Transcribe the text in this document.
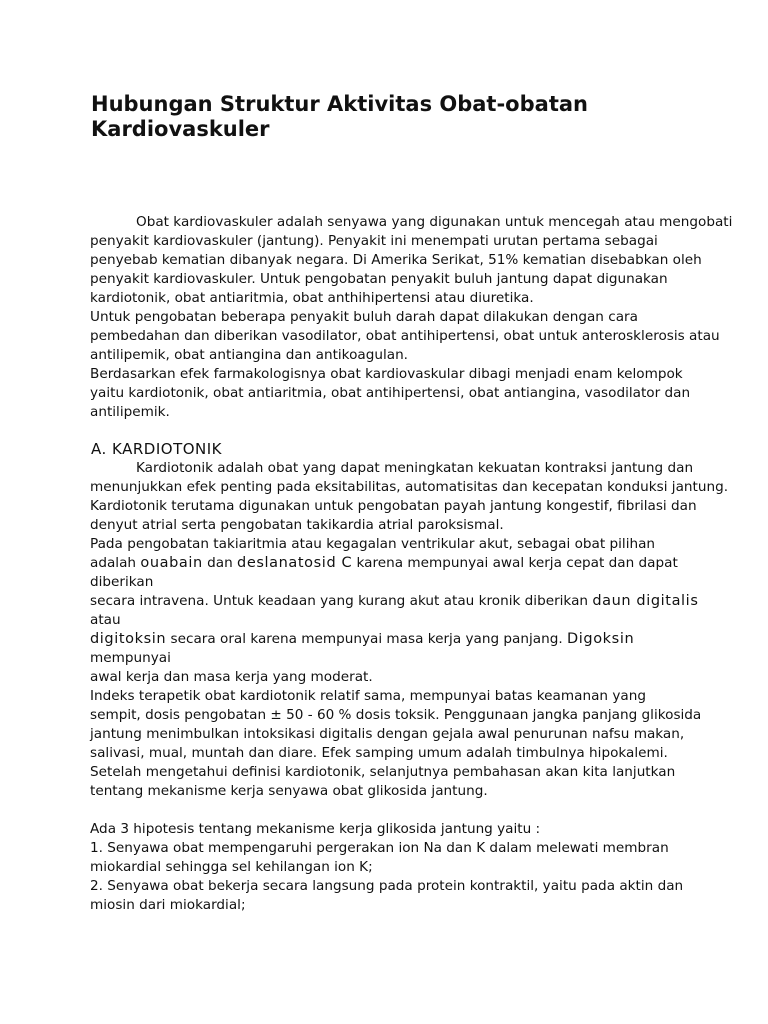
Hubungan Struktur Aktivitas Obat-obatan
Kardiovaskuler
Obat kardiovaskuler adalah senyawa yang digunakan untuk mencegah atau mengobati
penyakit kardiovaskuler (jantung). Penyakit ini menempati urutan pertama sebagai
penyebab kematian dibanyak negara. Di Amerika Serikat, 51% kematian disebabkan oleh
penyakit kardiovaskuler. Untuk pengobatan penyakit buluh jantung dapat digunakan
kardiotonik, obat antiaritmia, obat anthihipertensi atau diuretika.
Untuk pengobatan beberapa penyakit buluh darah dapat dilakukan dengan cara
pembedahan dan diberikan vasodilator, obat antihipertensi, obat untuk anterosklerosis atau
antilipemik, obat antiangina dan antikoagulan.
Berdasarkan efek farmakologisnya obat kardiovaskular dibagi menjadi enam kelompok
yaitu kardiotonik, obat antiaritmia, obat antihipertensi, obat antiangina, vasodilator dan
antilipemik.
A. KARDIOTONIK
Kardiotonik adalah obat yang dapat meningkatan kekuatan kontraksi jantung dan
menunjukkan efek penting pada eksitabilitas, automatisitas dan kecepatan konduksi jantung.
Kardiotonik terutama digunakan untuk pengobatan payah jantung kongestif, fibrilasi dan
denyut atrial serta pengobatan takikardia atrial paroksismal.
Pada pengobatan takiaritmia atau kegagalan ventrikular akut, sebagai obat pilihan
adalah ouabain dan deslanatosid C karena mempunyai awal kerja cepat dan dapat
diberikan
secara intravena. Untuk keadaan yang kurang akut atau kronik diberikan daun digitalis
atau
digitoksin secara oral karena mempunyai masa kerja yang panjang. Digoksin
mempunyai
awal kerja dan masa kerja yang moderat.
Indeks terapetik obat kardiotonik relatif sama, mempunyai batas keamanan yang
sempit, dosis pengobatan ± 50 - 60 % dosis toksik. Penggunaan jangka panjang glikosida
jantung menimbulkan intoksikasi digitalis dengan gejala awal penurunan nafsu makan,
salivasi, mual, muntah dan diare. Efek samping umum adalah timbulnya hipokalemi.
Setelah mengetahui definisi kardiotonik, selanjutnya pembahasan akan kita lanjutkan
tentang mekanisme kerja senyawa obat glikosida jantung.
Ada 3 hipotesis tentang mekanisme kerja glikosida jantung yaitu :
1. Senyawa obat mempengaruhi pergerakan ion Na dan K dalam melewati membran
miokardial sehingga sel kehilangan ion K;
2. Senyawa obat bekerja secara langsung pada protein kontraktil, yaitu pada aktin dan
miosin dari miokardial;
